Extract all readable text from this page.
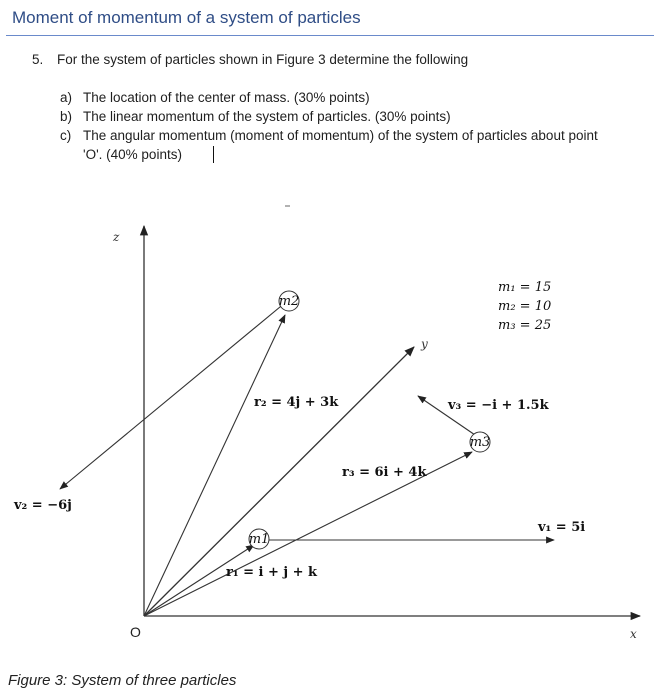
Moment of momentum of a system of particles
5. For the system of particles shown in Figure 3 determine the following
a) The location of the center of mass. (30% points)
b) The linear momentum of the system of particles. (30% points)
c) The angular momentum (moment of momentum) of the system of particles about point
'O'. (40% points)
m2
m1
m3
z
y
x
O
m₁ = 15
m₂ = 10
m₃ = 25
r₂ = 4j + 3k	v₃ = −i + 1.5k
r₃ = 6i + 4k
v₂ = −6j
v₁ = 5i
r₁ = i + j + k
Figure 3: System of three particles
